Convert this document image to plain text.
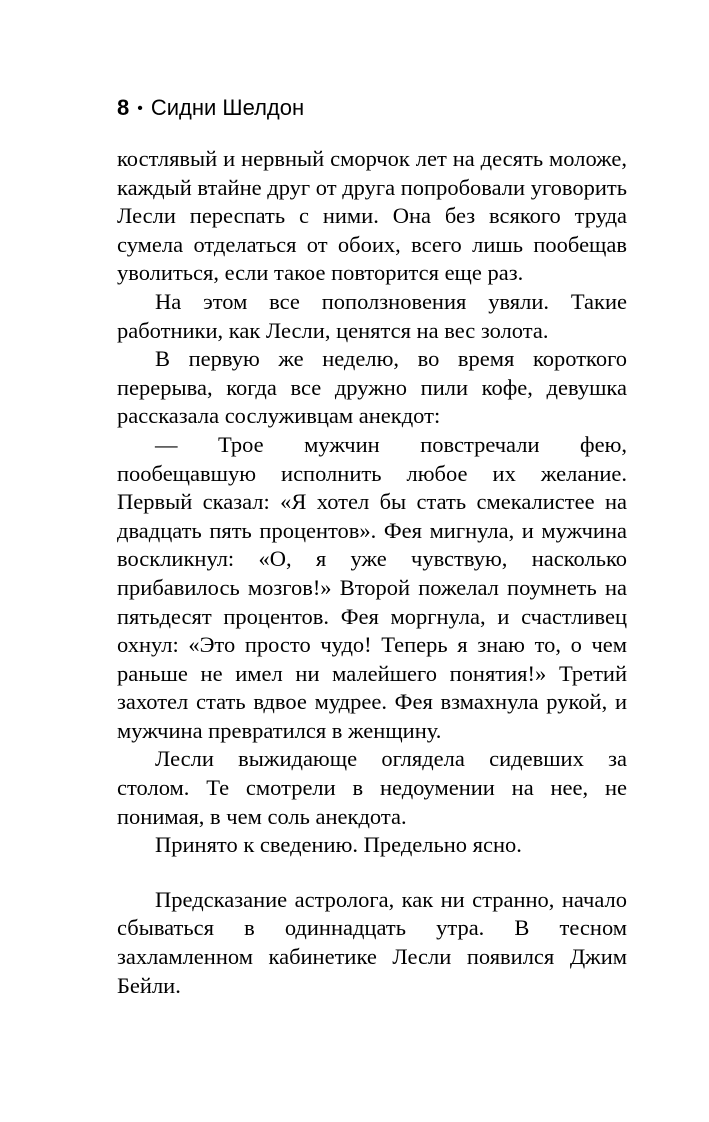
8 • Сидни Шелдон

костлявый и нервный сморчок лет на десять моложе, каждый втайне друг от друга попробовали уговорить Лесли переспать с ними. Она без всякого труда сумела отделаться от обоих, всего лишь пообещав уволиться, если такое повторится еще раз.

На этом все поползновения увяли. Такие работники, как Лесли, ценятся на вес золота.

В первую же неделю, во время короткого перерыва, когда все дружно пили кофе, девушка рассказала сослуживцам анекдот:

— Трое мужчин повстречали фею, пообещавшую исполнить любое их желание. Первый сказал: «Я хотел бы стать смекалистее на двадцать пять процентов». Фея мигнула, и мужчина воскликнул: «О, я уже чувствую, насколько прибавилось мозгов!» Второй пожелал поумнеть на пятьдесят процентов. Фея моргнула, и счастливец охнул: «Это просто чудо! Теперь я знаю то, о чем раньше не имел ни малейшего понятия!» Третий захотел стать вдвое мудрее. Фея взмахнула рукой, и мужчина превратился в женщину.

Лесли выжидающе оглядела сидевших за столом. Те смотрели в недоумении на нее, не понимая, в чем соль анекдота.

Принято к сведению. Предельно ясно.

Предсказание астролога, как ни странно, начало сбываться в одиннадцать утра. В тесном захламленном кабинетике Лесли появился Джим Бейли.
